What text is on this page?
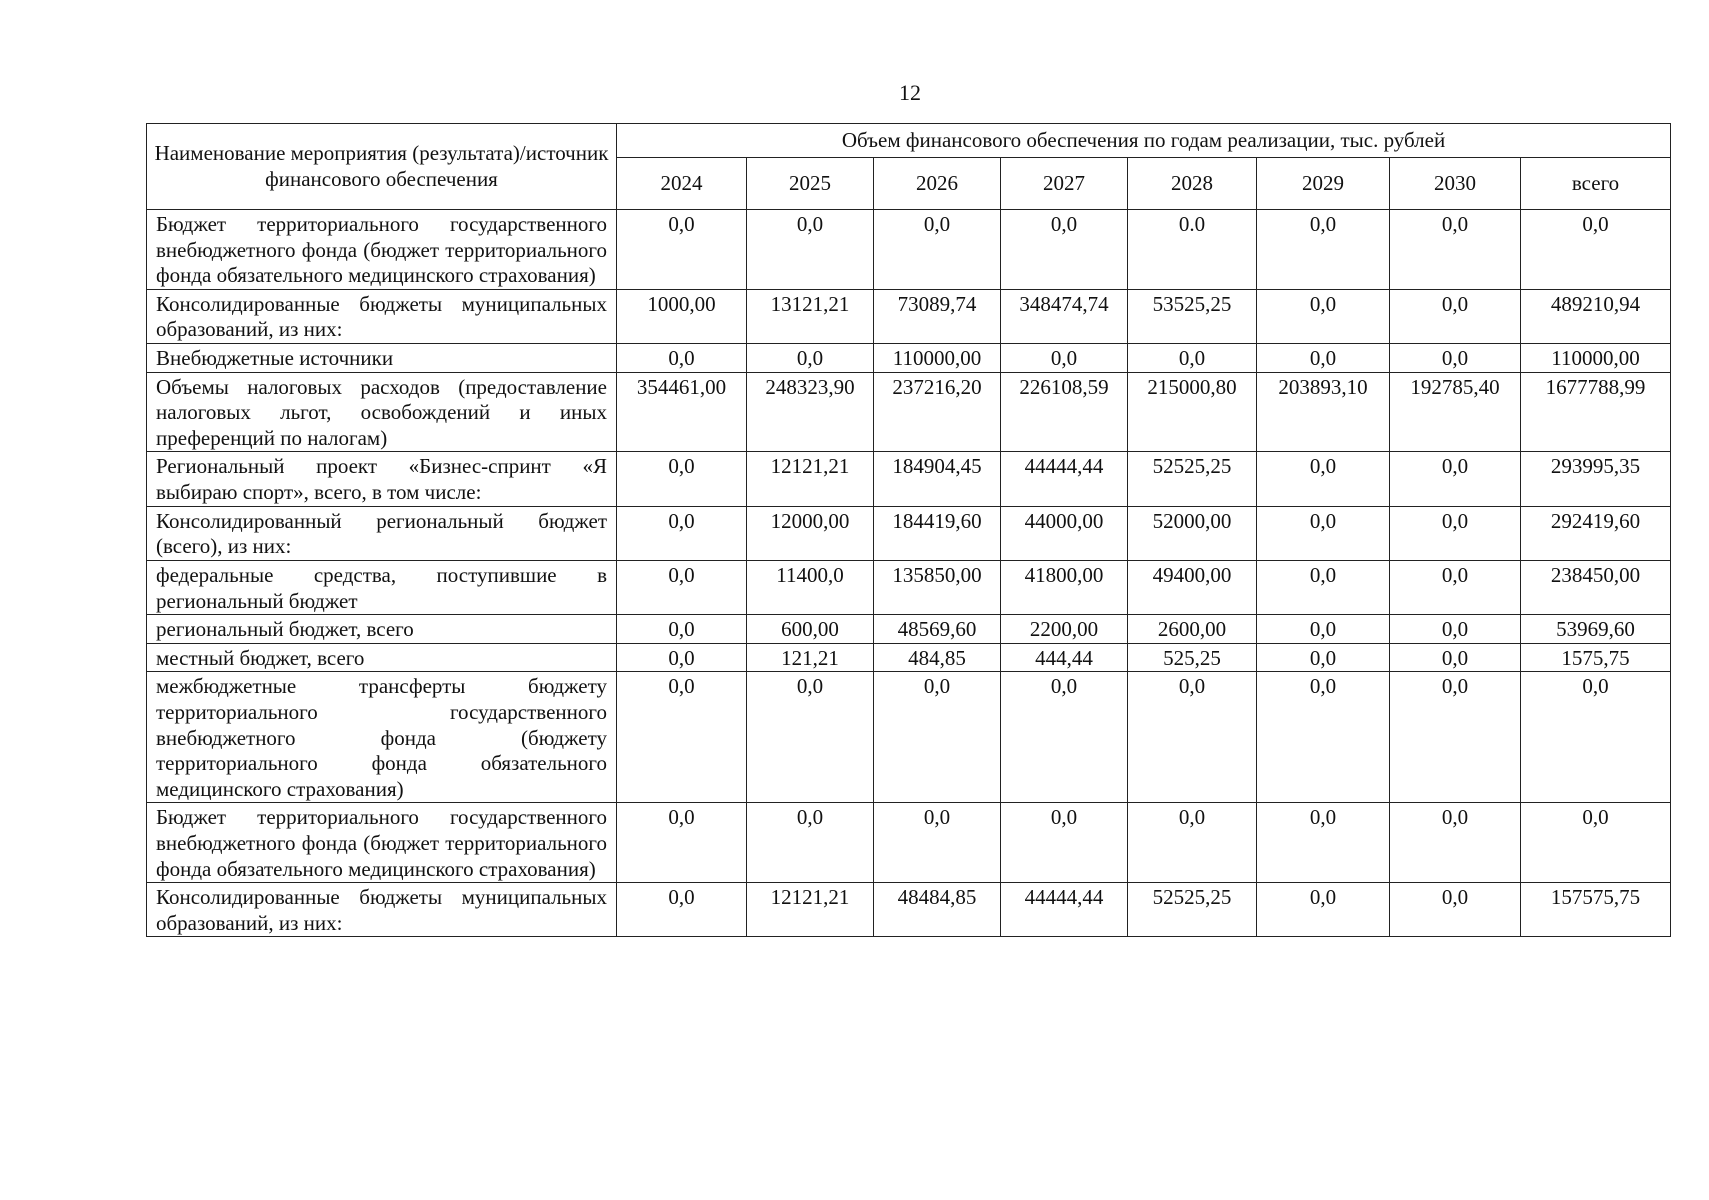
12
Наименование мероприятия (результата)/источник финансового обеспечения	Объем финансового обеспечения по годам реализации, тыс. рублей							
	2024	2025	2026	2027	2028	2029	2030	всего
Бюджет территориального государственного внебюджетного фонда (бюджет территориального фонда обязательного медицинского страхования)	0,0	0,0	0,0	0,0	0.0	0,0	0,0	0,0
Консолидированные бюджеты муниципальных образований, из них:	1000,00	13121,21	73089,74	348474,74	53525,25	0,0	0,0	489210,94
Внебюджетные источники	0,0	0,0	110000,00	0,0	0,0	0,0	0,0	110000,00
Объемы налоговых расходов (предоставление налоговых льгот, освобождений и иных преференций по налогам)	354461,00	248323,90	237216,20	226108,59	215000,80	203893,10	192785,40	1677788,99
Региональный проект «Бизнес-спринт «Я выбираю спорт», всего, в том числе:	0,0	12121,21	184904,45	44444,44	52525,25	0,0	0,0	293995,35
Консолидированный региональный бюджет (всего), из них:	0,0	12000,00	184419,60	44000,00	52000,00	0,0	0,0	292419,60
федеральные средства, поступившие в региональный бюджет	0,0	11400,0	135850,00	41800,00	49400,00	0,0	0,0	238450,00
региональный бюджет, всего	0,0	600,00	48569,60	2200,00	2600,00	0,0	0,0	53969,60
местный бюджет, всего	0,0	121,21	484,85	444,44	525,25	0,0	0,0	1575,75
межбюджетные трансферты бюджету территориального государственного внебюджетного фонда (бюджету территориального фонда обязательного медицинского страхования)	0,0	0,0	0,0	0,0	0,0	0,0	0,0	0,0
Бюджет территориального государственного внебюджетного фонда (бюджет территориального фонда обязательного медицинского страхования)	0,0	0,0	0,0	0,0	0,0	0,0	0,0	0,0
Консолидированные бюджеты муниципальных образований, из них:	0,0	12121,21	48484,85	44444,44	52525,25	0,0	0,0	157575,75
